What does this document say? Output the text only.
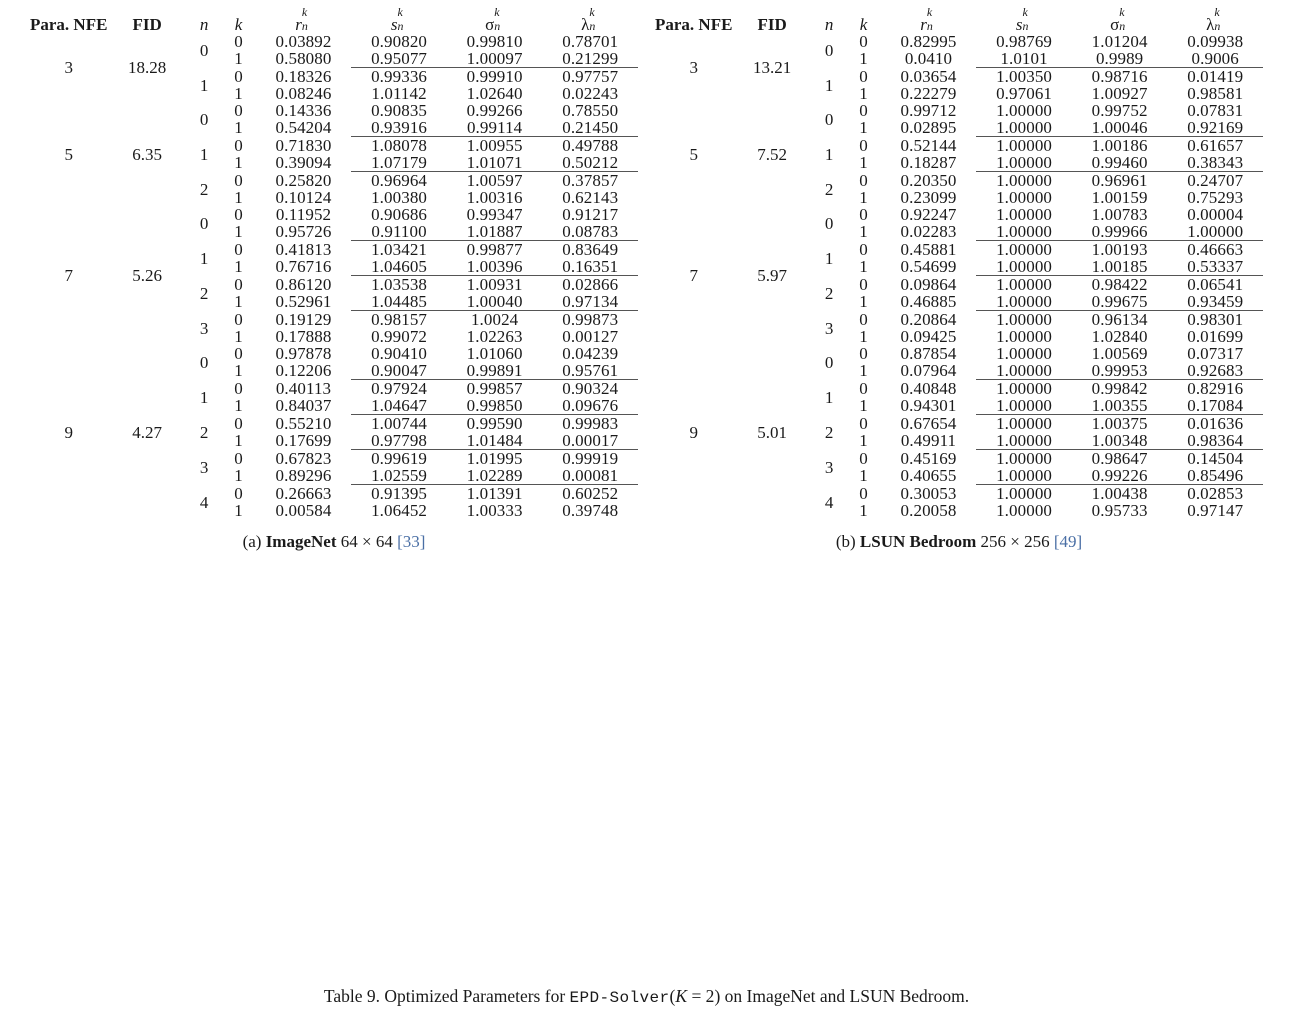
Para. NFE	FID	n	k	r
k
n	s
k
n	σ
k
n	λ
k
n

3		18.28	0	0	0.03892	0.90820	0.99810	0.78701
			1	0.58080	0.95077	1.00097	0.21299

		1	0	0.18326	0.99336	0.99910	0.97757
			1	0.08246	1.01142	1.02640	0.02243

5		6.35	0	0	0.14336	0.90835	0.99266	0.78550
			1	0.54204	0.93916	0.99114	0.21450

		1	0	0.71830	1.08078	1.00955	0.49788
			1	0.39094	1.07179	1.01071	0.50212

		2	0	0.25820	0.96964	1.00597	0.37857
			1	0.10124	1.00380	1.00316	0.62143

7		5.26	0	0	0.11952	0.90686	0.99347	0.91217
			1	0.95726	0.91100	1.01887	0.08783

		1	0	0.41813	1.03421	0.99877	0.83649
			1	0.76716	1.04605	1.00396	0.16351

		2	0	0.86120	1.03538	1.00931	0.02866
			1	0.52961	1.04485	1.00040	0.97134

		3	0	0.19129	0.98157	1.0024	0.99873
			1	0.17888	0.99072	1.02263	0.00127

9		4.27	0	0	0.97878	0.90410	1.01060	0.04239
			1	0.12206	0.90047	0.99891	0.95761

		1	0	0.40113	0.97924	0.99857	0.90324
			1	0.84037	1.04647	0.99850	0.09676

		2	0	0.55210	1.00744	0.99590	0.99983
			1	0.17699	0.97798	1.01484	0.00017

		3	0	0.67823	0.99619	1.01995	0.99919
			1	0.89296	1.02559	1.02289	0.00081

		4	0	0.26663	0.91395	1.01391	0.60252
			1	0.00584	1.06452	1.00333	0.39748

(a) ImageNet 64 × 64 [33]

Para. NFE	FID	n	k	r
k
n	s
k
n	σ
k
n	λ
k
n

3		13.21	0	0	0.82995	0.98769	1.01204	0.09938
			1	0.0410	1.0101	0.9989	0.9006

		1	0	0.03654	1.00350	0.98716	0.01419
			1	0.22279	0.97061	1.00927	0.98581

5		7.52	0	0	0.99712	1.00000	0.99752	0.07831
			1	0.02895	1.00000	1.00046	0.92169

		1	0	0.52144	1.00000	1.00186	0.61657
			1	0.18287	1.00000	0.99460	0.38343

		2	0	0.20350	1.00000	0.96961	0.24707
			1	0.23099	1.00000	1.00159	0.75293

7		5.97	0	0	0.92247	1.00000	1.00783	0.00004
			1	0.02283	1.00000	0.99966	1.00000

		1	0	0.45881	1.00000	1.00193	0.46663
			1	0.54699	1.00000	1.00185	0.53337

		2	0	0.09864	1.00000	0.98422	0.06541
			1	0.46885	1.00000	0.99675	0.93459

		3	0	0.20864	1.00000	0.96134	0.98301
			1	0.09425	1.00000	1.02840	0.01699

9		5.01	0	0	0.87854	1.00000	1.00569	0.07317
			1	0.07964	1.00000	0.99953	0.92683

		1	0	0.40848	1.00000	0.99842	0.82916
			1	0.94301	1.00000	1.00355	0.17084

		2	0	0.67654	1.00000	1.00375	0.01636
			1	0.49911	1.00000	1.00348	0.98364

		3	0	0.45169	1.00000	0.98647	0.14504
			1	0.40655	1.00000	0.99226	0.85496

		4	0	0.30053	1.00000	1.00438	0.02853
			1	0.20058	1.00000	0.95733	0.97147

(b) LSUN Bedroom 256 × 256 [49]
Table 9. Optimized Parameters for EPD-Solver(K = 2) on ImageNet and LSUN Bedroom.
